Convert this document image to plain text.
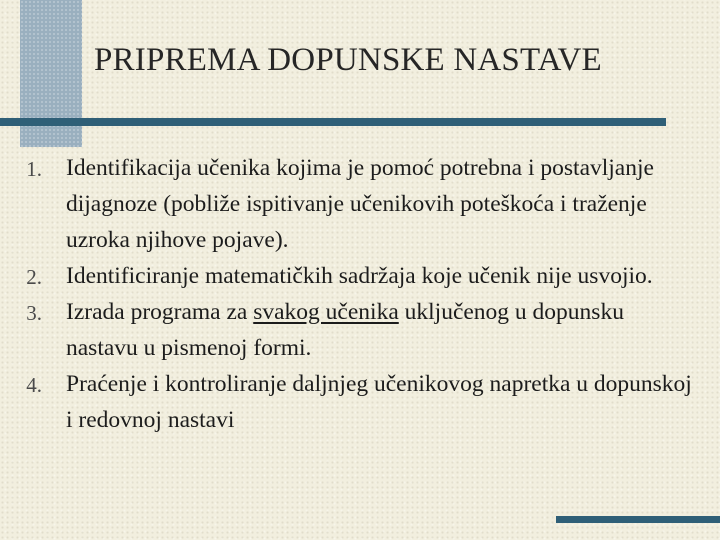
PRIPREMA DOPUNSKE NASTAVE
1. Identifikacija učenika kojima je pomoć potrebna i postavljanje dijagnoze (pobliže ispitivanje učenikovih poteškoća i traženje uzroka njihove pojave).
2. Identificiranje matematičkih sadržaja koje učenik nije usvojio.
3. Izrada programa za svakog učenika uključenog u dopunsku nastavu u pismenoj formi.
4. Praćenje i kontroliranje daljnjeg učenikovog napretka u dopunskoj i redovnoj nastavi
